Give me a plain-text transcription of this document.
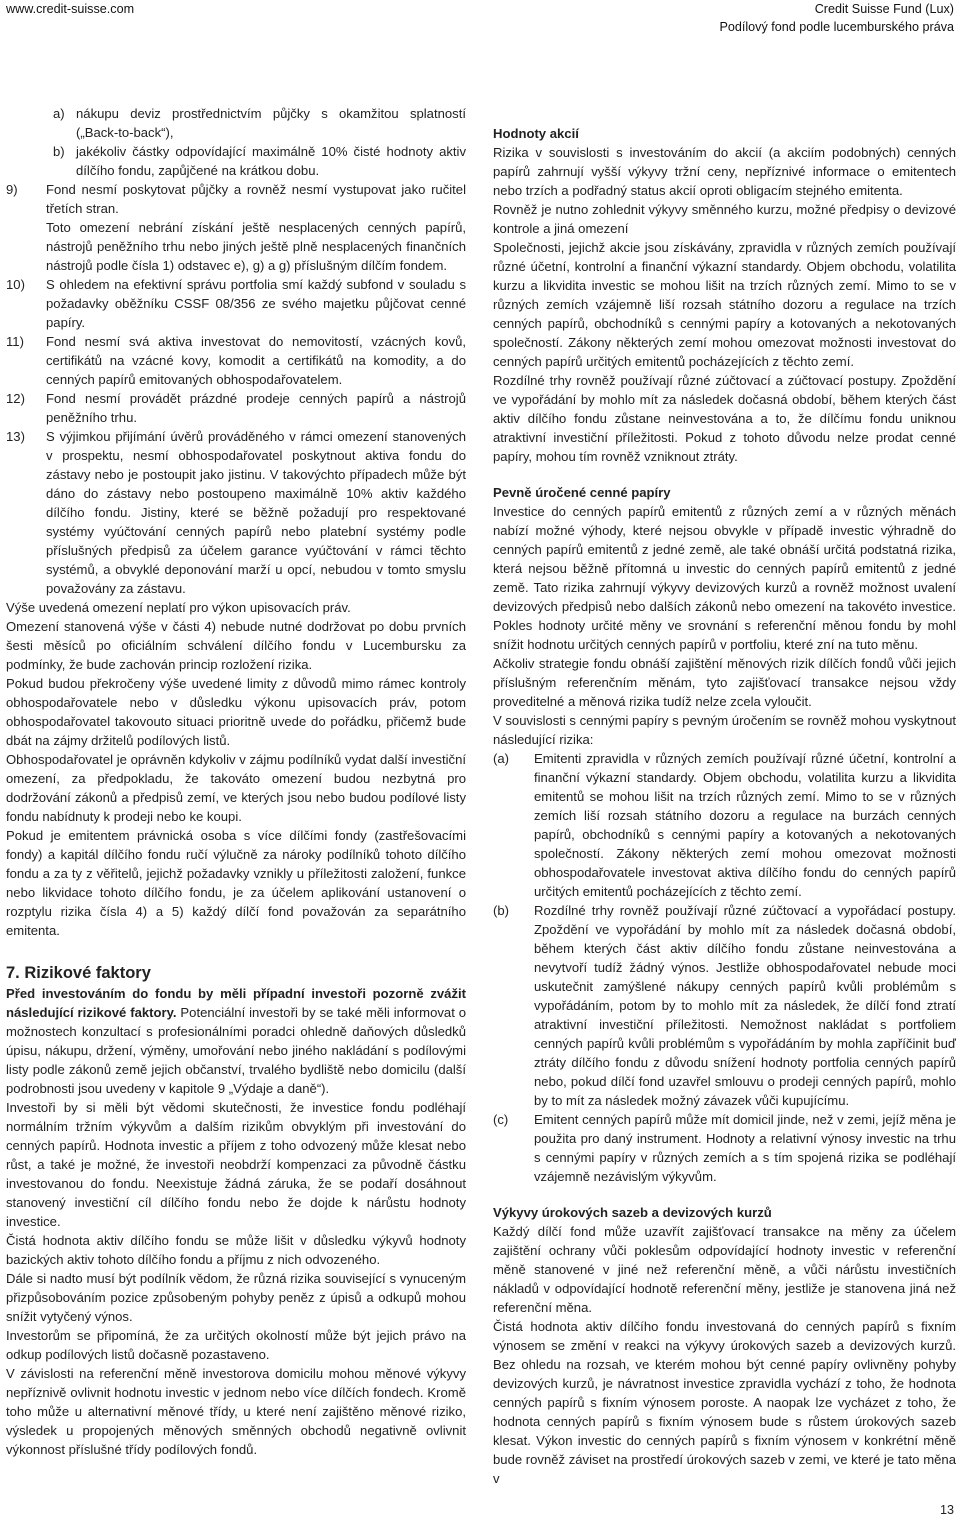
www.credit-suisse.com	Credit Suisse Fund (Lux)
Podílový fond podle lucemburského práva

a) nákupu deviz prostřednictvím půjčky s okamžitou splatností („Back-to-back“),

b) jakékoliv částky odpovídající maximálně 10% čisté hodnoty aktiv dílčího fondu, zapůjčené na krátkou dobu.

9) Fond nesmí poskytovat půjčky a rovněž nesmí vystupovat jako ručitel třetích stran.

Toto omezení nebrání získání ještě nesplacených cenných papírů, nástrojů peněžního trhu nebo jiných ještě plně nesplacených finančních nástrojů podle čísla 1) odstavec e), g) a g) příslušným dílčím fondem.

10) S ohledem na efektivní správu portfolia smí každý subfond v souladu s požadavky oběžníku CSSF 08/356 ze svého majetku půjčovat cenné papíry.

11) Fond nesmí svá aktiva investovat do nemovitostí, vzácných kovů, certifikátů na vzácné kovy, komodit a certifikátů na komodity, a do cenných papírů emitovaných obhospodařovatelem.

12) Fond nesmí provádět prázdné prodeje cenných papírů a nástrojů peněžního trhu.

13) S výjimkou přijímání úvěrů prováděného v rámci omezení stanovených v prospektu, nesmí obhospodařovatel poskytnout aktiva fondu do zástavy nebo je postoupit jako jistinu. V takovýchto případech může být dáno do zástavy nebo postoupeno maximálně 10% aktiv každého dílčího fondu. Jistiny, které se běžně požadují pro respektované systémy vyúčtování cenných papírů nebo platební systémy podle příslušných předpisů za účelem garance vyúčtování v rámci těchto systémů, a obvyklé deponování marží u opcí, nebudou v tomto smyslu považovány za zástavu.

Výše uvedená omezení neplatí pro výkon upisovacích práv.

Omezení stanovená výše v části 4) nebude nutné dodržovat po dobu prvních šesti měsíců po oficiálním schválení dílčího fondu v Lucembursku za podmínky, že bude zachován princip rozložení rizika.

Pokud budou překročeny výše uvedené limity z důvodů mimo rámec kontroly obhospodařovatele nebo v důsledku výkonu upisovacích práv, potom obhospodařovatel takovouto situaci prioritně uvede do pořádku, přičemž bude dbát na zájmy držitelů podílových listů.

Obhospodařovatel je oprávněn kdykoliv v zájmu podílníků vydat další investiční omezení, za předpokladu, že takováto omezení budou nezbytná pro dodržování zákonů a předpisů zemí, ve kterých jsou nebo budou podílové listy fondu nabídnuty k prodeji nebo ke koupi.

Pokud je emitentem právnická osoba s více dílčími fondy (zastřešovacími fondy) a kapitál dílčího fondu ručí výlučně za nároky podílníků tohoto dílčího fondu a za ty z věřitelů, jejichž požadavky vznikly u příležitosti založení, funkce nebo likvidace tohoto dílčího fondu, je za účelem aplikování ustanovení o rozptylu rizika čísla 4) a 5) každý dílčí fond považován za separátního emitenta.

7. Rizikové faktory

Před investováním do fondu by měli případní investoři pozorně zvážit následující rizikové faktory. Potenciální investoři by se také měli informovat o možnostech konzultací s profesionálními poradci ohledně daňových důsledků úpisu, nákupu, držení, výměny, umořování nebo jiného nakládání s podílovými listy podle zákonů země jejich občanství, trvalého bydliště nebo domicilu (další podrobnosti jsou uvedeny v kapitole 9 „Výdaje a daně“).

Investoři by si měli být vědomi skutečnosti, že investice fondu podléhají normálním tržním výkyvům a dalším rizikům obvyklým při investování do cenných papírů. Hodnota investic a příjem z toho odvozený může klesat nebo růst, a také je možné, že investoři neobdrží kompenzaci za původně částku investovanou do fondu. Neexistuje žádná záruka, že se podaří dosáhnout stanovený investiční cíl dílčího fondu nebo že dojde k nárůstu hodnoty investice.

Čistá hodnota aktiv dílčího fondu se může lišit v důsledku výkyvů hodnoty bazických aktiv tohoto dílčího fondu a příjmu z nich odvozeného.

Dále si nadto musí být podílník vědom, že různá rizika související s vynuceným přizpůsobováním pozice způsobeným pohyby peněz z úpisů a odkupů mohou snížit vytyčený výnos.

Investorům se připomíná, že za určitých okolností může být jejich právo na odkup podílových listů dočasně pozastaveno.

V závislosti na referenční měně investorova domicilu mohou měnové výkyvy nepříznivě ovlivnit hodnotu investic v jednom nebo více dílčích fondech. Kromě toho může u alternativní měnové třídy, u které není zajištěno měnové riziko, výsledek u propojených měnových směnných obchodů negativně ovlivnit výkonnost příslušné třídy podílových fondů.

Hodnoty akcií

Rizika v souvislosti s investováním do akcií (a akciím podobných) cenných papírů zahrnují vyšší výkyvy tržní ceny, nepříznivé informace o emitentech nebo trzích a podřadný status akcií oproti obligacím stejného emitenta.

Rovněž je nutno zohlednit výkyvy směnného kurzu, možné předpisy o devizové kontrole a jiná omezení

Společnosti, jejichž akcie jsou získávány, zpravidla v různých zemích používají různé účetní, kontrolní a finanční výkazní standardy. Objem obchodu, volatilita kurzu a likvidita investic se mohou lišit na trzích různých zemí. Mimo to se v různých zemích vzájemně liší rozsah státního dozoru a regulace na trzích cenných papírů, obchodníků s cennými papíry a kotovaných a nekotovaných společností. Zákony některých zemí mohou omezovat možnosti investovat do cenných papírů určitých emitentů pocházejících z těchto zemí.

Rozdílné trhy rovněž používají různé zúčtovací a zúčtovací postupy. Zpoždění ve vypořádání by mohlo mít za následek dočasná období, během kterých část aktiv dílčího fondu zůstane neinvestována a to, že dílčímu fondu uniknou atraktivní investiční příležitosti. Pokud z tohoto důvodu nelze prodat cenné papíry, mohou tím rovněž vzniknout ztráty.

Pevně úročené cenné papíry

Investice do cenných papírů emitentů z různých zemí a v různých měnách nabízí možné výhody, které nejsou obvykle v případě investic výhradně do cenných papírů emitentů z jedné země, ale také obnáší určitá podstatná rizika, která nejsou běžně přítomná u investic do cenných papírů emitentů z jedné země. Tato rizika zahrnují výkyvy devizových kurzů a rovněž možnost uvalení devizových předpisů nebo dalších zákonů nebo omezení na takovéto investice. Pokles hodnoty určité měny ve srovnání s referenční měnou fondu by mohl snížit hodnotu určitých cenných papírů v portfoliu, které zní na tuto měnu.

Ačkoliv strategie fondu obnáší zajištění měnových rizik dílčích fondů vůči jejich příslušným referenčním měnám, tyto zajišťovací transakce nejsou vždy proveditelné a měnová rizika tudíž nelze zcela vyloučit.

V souvislosti s cennými papíry s pevným úročením se rovněž mohou vyskytnout následující rizika:

(a) Emitenti zpravidla v různých zemích používají různé účetní, kontrolní a finanční výkazní standardy. Objem obchodu, volatilita kurzu a likvidita emitentů se mohou lišit na trzích různých zemí. Mimo to se v různých zemích liší rozsah státního dozoru a regulace na burzách cenných papírů, obchodníků s cennými papíry a kotovaných a nekotovaných společností. Zákony některých zemí mohou omezovat možnosti obhospodařovatele investovat aktiva dílčího fondu do cenných papírů určitých emitentů pocházejících z těchto zemí.

(b) Rozdílné trhy rovněž používají různé zúčtovací a vypořádací postupy. Zpoždění ve vypořádání by mohlo mít za následek dočasná období, během kterých část aktiv dílčího fondu zůstane neinvestována a nevytvoří tudíž žádný výnos. Jestliže obhospodařovatel nebude moci uskutečnit zamýšlené nákupy cenných papírů kvůli problémům s vypořádáním, potom by to mohlo mít za následek, že dílčí fond ztratí atraktivní investiční příležitosti. Nemožnost nakládat s portfoliem cenných papírů kvůli problémům s vypořádáním by mohla zapříčinit buď ztráty dílčího fondu z důvodu snížení hodnoty portfolia cenných papírů nebo, pokud dílčí fond uzavřel smlouvu o prodeji cenných papírů, mohlo by to mít za následek možný závazek vůči kupujícímu.

(c) Emitent cenných papírů může mít domicil jinde, než v zemi, jejíž měna je použita pro daný instrument. Hodnoty a relativní výnosy investic na trhu s cennými papíry v různých zemích a s tím spojená rizika se podléhají vzájemně nezávislým výkyvům.

Výkyvy úrokových sazeb a devizových kurzů

Každý dílčí fond může uzavřít zajišťovací transakce na měny za účelem zajištění ochrany vůči poklesům odpovídající hodnoty investic v referenční měně stanovené v jiné než referenční měně, a vůči nárůstu investičních nákladů v odpovídající hodnotě referenční měny, jestliže je stanovena jiná než referenční měna.

Čistá hodnota aktiv dílčího fondu investovaná do cenných papírů s fixním výnosem se změní v reakci na výkyvy úrokových sazeb a devizových kurzů. Bez ohledu na rozsah, ve kterém mohou být cenné papíry ovlivněny pohyby devizových kurzů, je návratnost investice zpravidla vychází z toho, že hodnota cenných papírů s fixním výnosem poroste. A naopak lze vycházet z toho, že hodnota cenných papírů s fixním výnosem bude s růstem úrokových sazeb klesat. Výkon investic do cenných papírů s fixním výnosem v konkrétní měně bude rovněž záviset na prostředí úrokových sazeb v zemi, ve které je tato měna v

13
